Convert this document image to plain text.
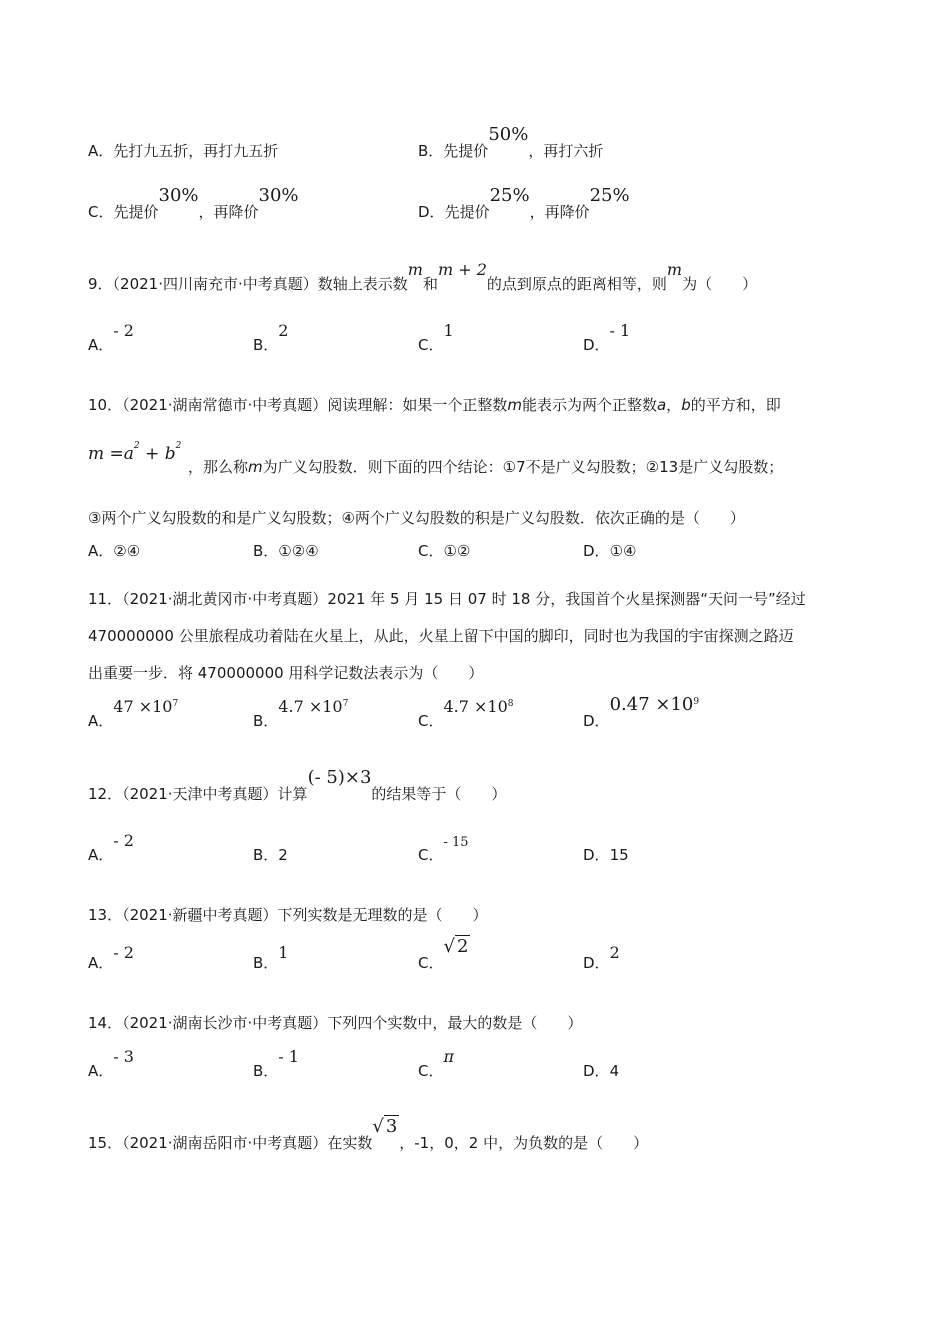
A．先打九五折，再打九五折	B．先提价50%，再打六折
C．先提价30%，再降价30%
D．先提价25%，再降价25%
9．（2021·四川南充市·中考真题）数轴上表示数m和m + 2的点到原点的距离相等，则m为（　　）
A．- 2
B．2
C．1
D．- 1
10．（2021·湖南常德市·中考真题）阅读理解：如果一个正整数m能表示为两个正整数a，b的平方和，即
$m =a^2 + b^2$
，那么称m为广义勾股数．则下面的四个结论：①7不是广义勾股数；②13是广义勾股数；
③两个广义勾股数的和是广义勾股数；④两个广义勾股数的积是广义勾股数．依次正确的是（　　）
A．②④	B．①②④	C．①②	D．①④
11．（2021·湖北黄冈市·中考真题）2021 年 5 月 15 日 07 时 18 分，我国首个火星探测器“天问一号”经过
470000000 公里旅程成功着陆在火星上，从此，火星上留下中国的脚印，同时也为我国的宇宙探测之路迈
出重要一步．将 470000000 用科学记数法表示为（　　）
A．$47 \times 10^7$
B．$4.7 \times 10^7$
C．$4.7 \times 10^8$
D．$0.47 \times 10^9$
12．（2021·天津中考真题）计算(- 5)×3的结果等于（　　）
A．- 2
B．2	C．- 15
D．15
13．（2021·新疆中考真题）下列实数是无理数的是（　　）
A．- 2
B．1
C．√ 2
D．2
14．（2021·湖南长沙市·中考真题）下列四个实数中，最大的数是（　　）
A．- 3
B．- 1
C．π
D．4
15．（2021·湖南岳阳市·中考真题）在实数√ 3，-1，0，2 中，为负数的是（　　）
